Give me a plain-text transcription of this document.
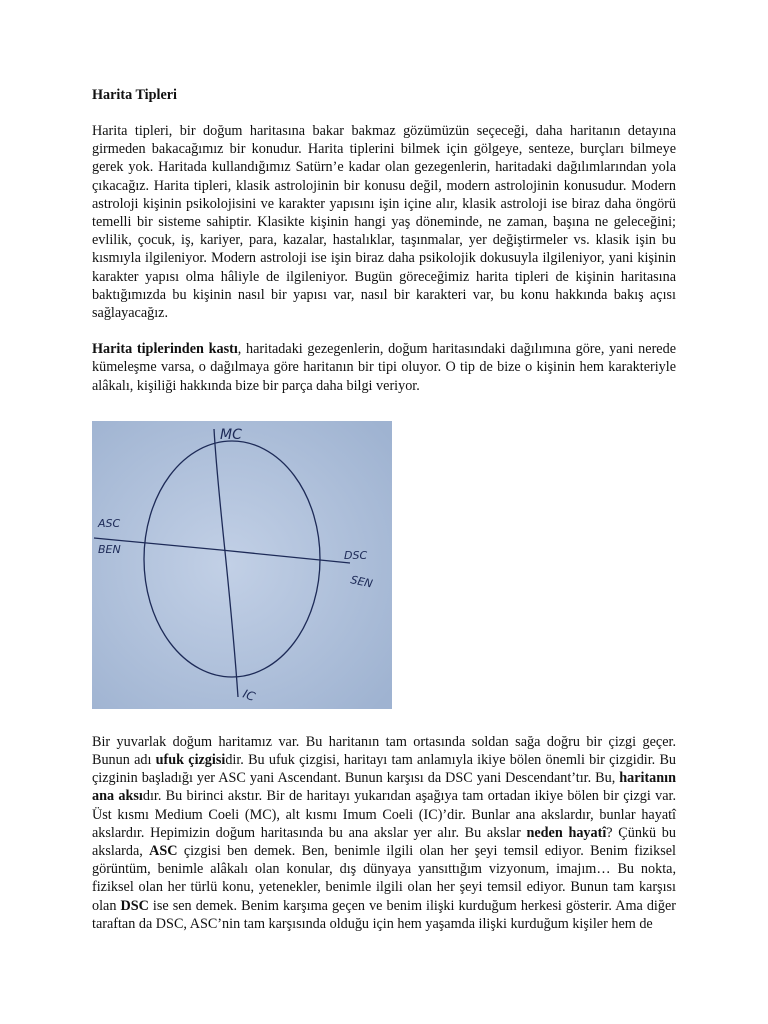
Harita Tipleri
Harita tipleri, bir doğum haritasına bakar bakmaz gözümüzün seçeceği, daha haritanın detayına girmeden bakacağımız bir konudur. Harita tiplerini bilmek için gölgeye, senteze, burçları bilmeye gerek yok. Haritada kullandığımız Satürn’e kadar olan gezegenlerin, haritadaki dağılımlarından yola çıkacağız. Harita tipleri, klasik astrolojinin bir konusu değil, modern astrolojinin konusudur. Modern astroloji kişinin psikolojisini ve karakter yapısını işin içine alır, klasik astroloji ise biraz daha öngörü temelli bir sisteme sahiptir. Klasikte kişinin hangi yaş döneminde, ne zaman, başına ne geleceğini; evlilik, çocuk, iş, kariyer, para, kazalar, hastalıklar, taşınmalar, yer değiştirmeler vs. klasik işin bu kısmıyla ilgileniyor. Modern astroloji ise işin biraz daha psikolojik dokusuyla ilgileniyor, yani kişinin karakter yapısı olma hâliyle de ilgileniyor. Bugün göreceğimiz harita tipleri de kişinin haritasına baktığımızda bu kişinin nasıl bir yapısı var, nasıl bir karakteri var, bu konu hakkında bakış açısı sağlayacağız.
Harita tiplerinden kastı, haritadaki gezegenlerin, doğum haritasındaki dağılımına göre, yani nerede kümeleşme varsa, o dağılmaya göre haritanın bir tipi oluyor. O tip de bize o kişinin hem karakteriyle alâkalı, kişiliği hakkında bize bir parça daha bilgi veriyor.
MC
ASC
BEN	DSC
SEN
IC
Bir yuvarlak doğum haritamız var. Bu haritanın tam ortasında soldan sağa doğru bir çizgi geçer. Bunun adı ufuk çizgisidir. Bu ufuk çizgisi, haritayı tam anlamıyla ikiye bölen önemli bir çizgidir. Bu çizginin başladığı yer ASC yani Ascendant. Bunun karşısı da DSC yani Descendant’tır. Bu, haritanın ana aksıdır. Bu birinci akstır. Bir de haritayı yukarıdan aşağıya tam ortadan ikiye bölen bir çizgi var. Üst kısmı Medium Coeli (MC), alt kısmı Imum Coeli (IC)’dir. Bunlar ana akslardır, bunlar hayatî akslardır. Hepimizin doğum haritasında bu ana akslar yer alır. Bu akslar neden hayatî? Çünkü bu akslarda, ASC çizgisi ben demek. Ben, benimle ilgili olan her şeyi temsil ediyor. Benim fiziksel görüntüm, benimle alâkalı olan konular, dış dünyaya yansıttığım vizyonum, imajım… Bu nokta, fiziksel olan her türlü konu, yetenekler, benimle ilgili olan her şeyi temsil ediyor. Bunun tam karşısı olan DSC ise sen demek. Benim karşıma geçen ve benim ilişki kurduğum herkesi gösterir. Ama diğer taraftan da DSC, ASC’nin tam karşısında olduğu için hem yaşamda ilişki kurduğum kişiler hem de
